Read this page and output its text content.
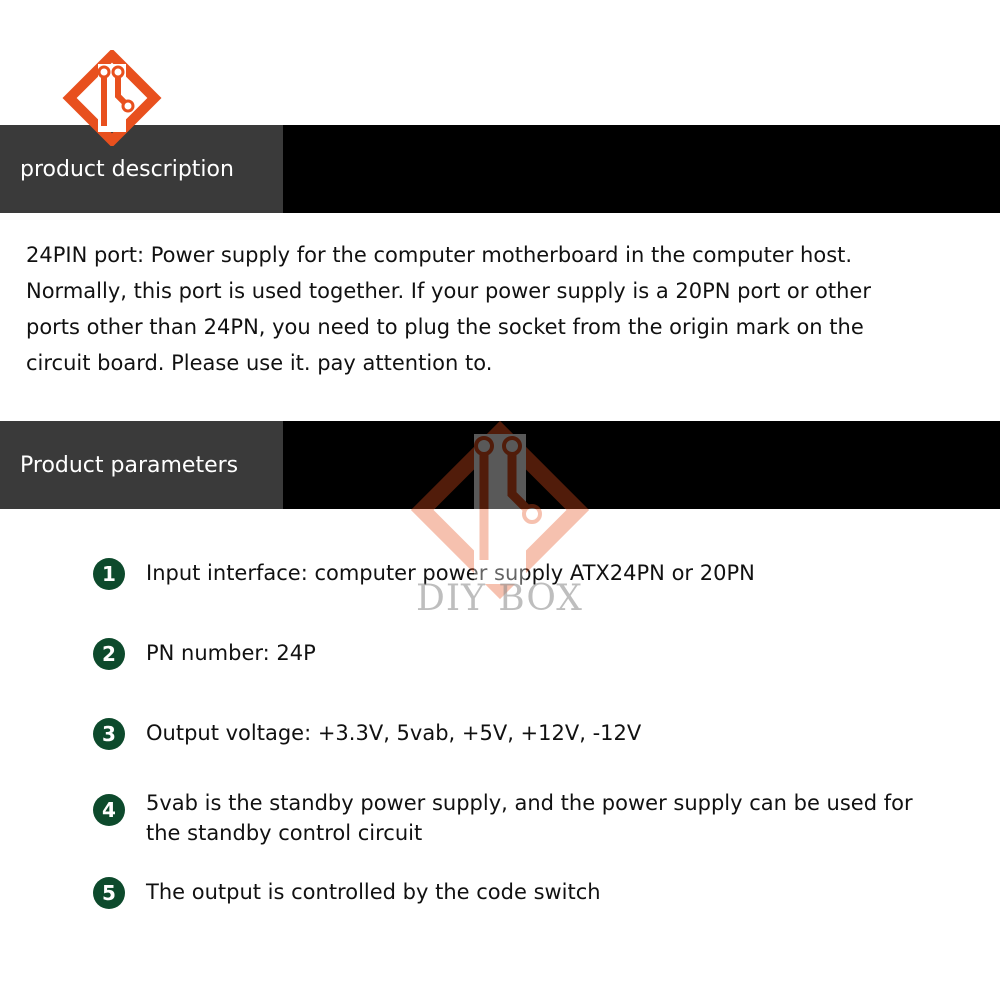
product description
24PIN port: Power supply for the computer motherboard in the computer host.
Normally, this port is used together. If your power supply is a 20PN port or other
ports other than 24PN, you need to plug the socket from the origin mark on the
circuit board. Please use it. pay attention to.
Product parameters
1	Input interface: computer power supply ATX24PN or 20PN
2	PN number: 24P
3	Output voltage: +3.3V, 5vab, +5V, +12V, -12V
4	5vab is the standby power supply, and the power supply can be used for the standby control circuit
5	The output is controlled by the code switch
DIY BOX
